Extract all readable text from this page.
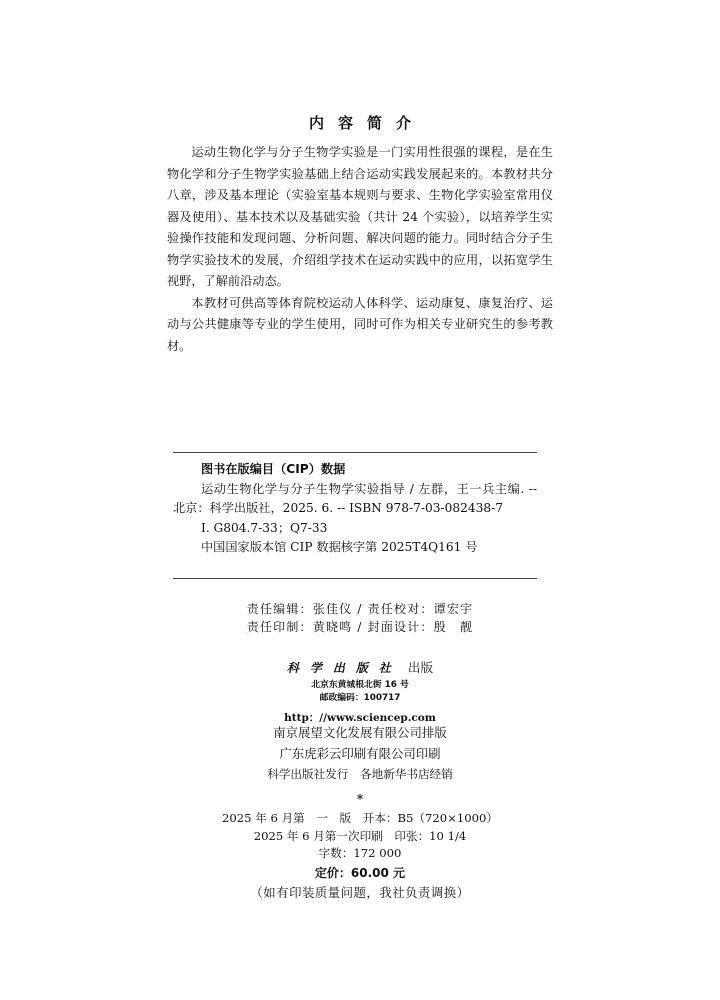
内容简介

运动生物化学与分子生物学实验是一门实用性很强的课程，是在生物化学和分子生物学实验基础上结合运动实践发展起来的。本教材共分八章，涉及基本理论（实验室基本规则与要求、生物化学实验室常用仪器及使用）、基本技术以及基础实验（共计 24 个实验），以培养学生实验操作技能和发现问题、分析问题、解决问题的能力。同时结合分子生物学实验技术的发展，介绍组学技术在运动实践中的应用，以拓宽学生视野，了解前沿动态。

本教材可供高等体育院校运动人体科学、运动康复、康复治疗、运动与公共健康等专业的学生使用，同时可作为相关专业研究生的参考教材。

图书在版编目（CIP）数据
运动生物化学与分子生物学实验指导 / 左群，王一兵主编. -- 北京：科学出版社，2025. 6. -- ISBN 978-7-03-082438-7
Ⅰ. G804.7-33；Q7-33
中国国家版本馆 CIP 数据核字第 2025T4Q161 号
责任编辑：张佳仪 / 责任校对：谭宏宇
责任印制：黄晓鸣 / 封面设计：殷　靓
科学出版社 出版
北京东黄城根北街 16 号
邮政编码：100717
http：//www.sciencep.com
南京展望文化发展有限公司排版
广东虎彩云印刷有限公司印刷
科学出版社发行　各地新华书店经销
*
2025 年 6 月第　一　版　开本：B5（720×1000）
2025 年 6 月第一次印刷　印张：10 1/4
字数：172 000
定价：60.00 元
（如有印装质量问题，我社负责调换）
